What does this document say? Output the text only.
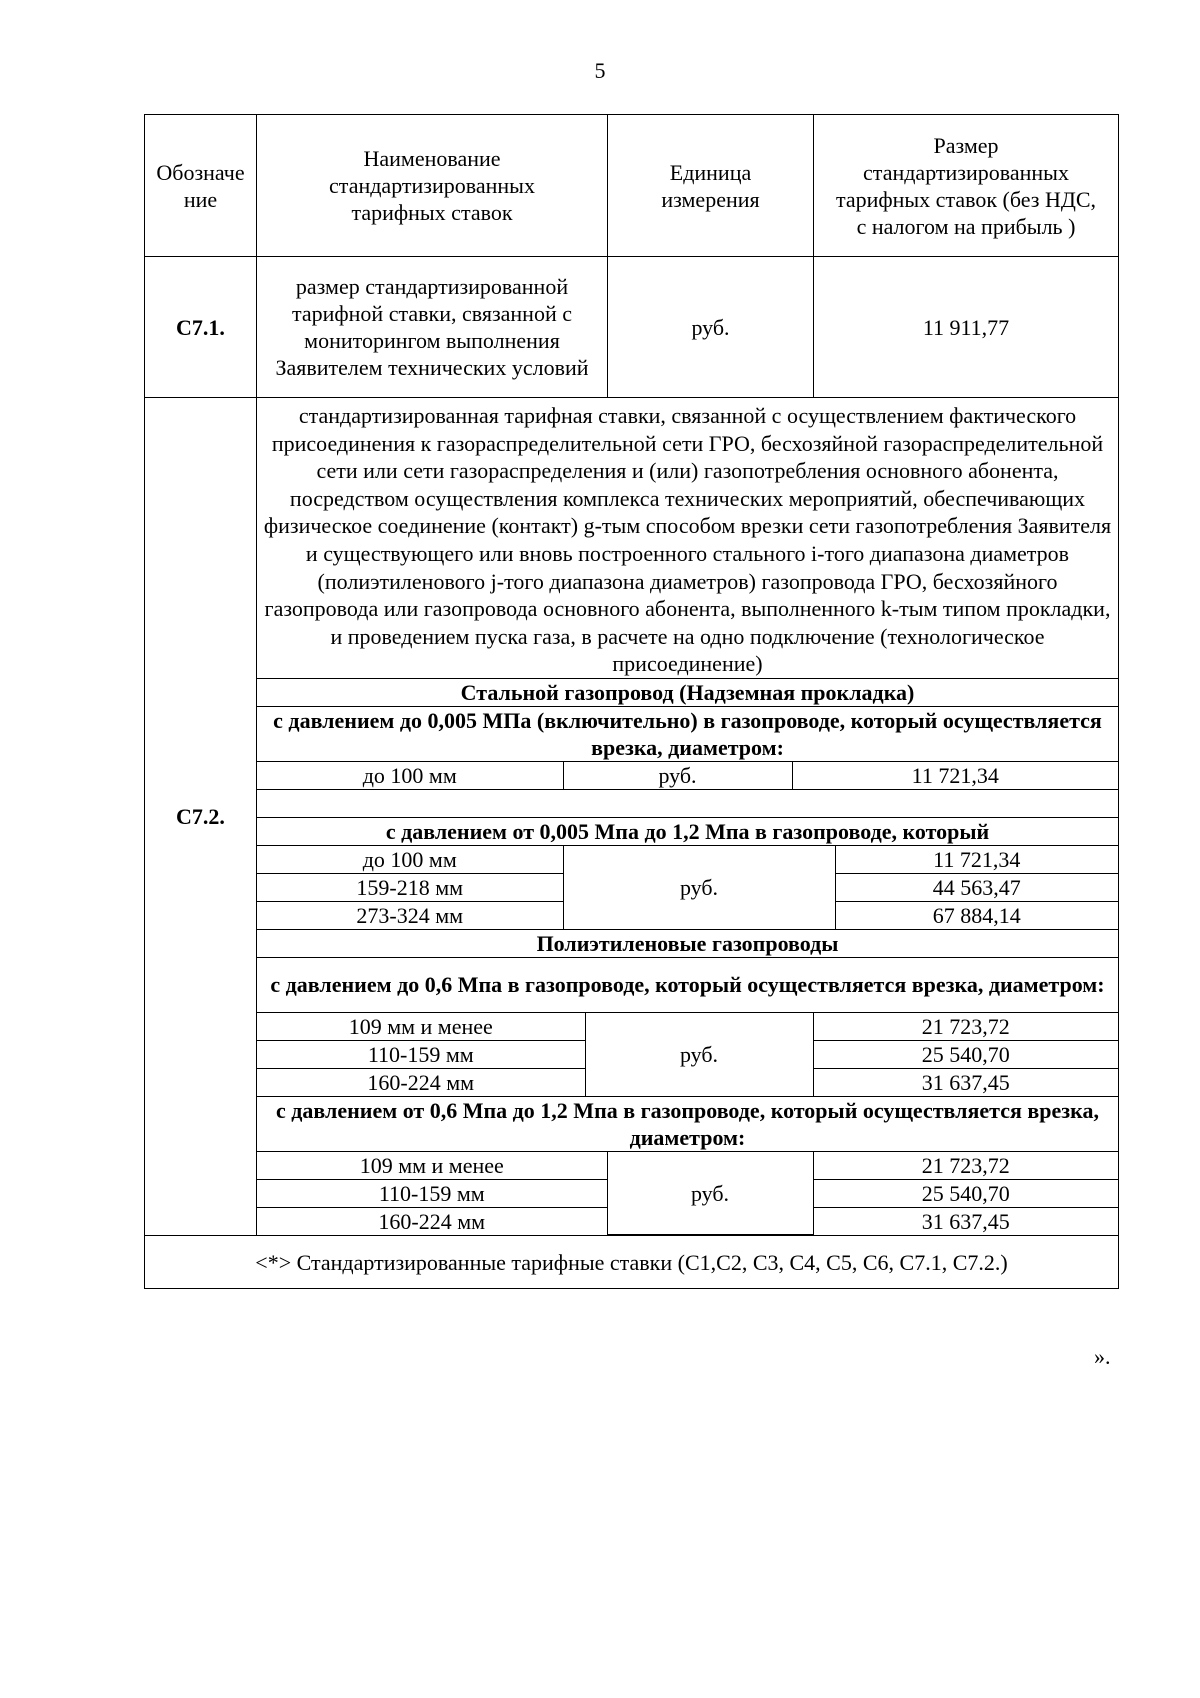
5
Обозначение	Наименование стандартизированных тарифных ставок	Единица измерения	Размер стандартизированных тарифных ставок (без НДС, с налогом на прибыль )
С7.1.	размер стандартизированной тарифной ставки, связанной с мониторингом выполнения Заявителем технических условий	руб.	11 911,77
С7.2.	
стандартизированная тарифная ставки, связанной с осуществлением фактического присоединения к газораспределительной сети ГРО, бесхозяйной газораспределительной сети или сети газораспределения и (или) газопотребления основного абонента, посредством осуществления комплекса технических мероприятий, обеспечивающих физическое соединение (контакт) g-тым способом врезки сети газопотребления Заявителя и существующего или вновь построенного стального i-того диапазона диаметров (полиэтиленового j-того диапазона диаметров) газопровода ГРО, бесхозяйного газопровода или газопровода основного абонента, выполненного k-тым типом прокладки, и проведением пуска газа, в расчете на одно подключение (технологическое присоединение)
Стальной газопровод (Надземная прокладка)
с давлением до 0,005 МПа (включительно) в газопроводе, который осуществляется врезка, диаметром:
до 100 мм	руб.	11 721,34

с давлением от 0,005 Мпа до 1,2 Мпа в газопроводе, который
до 100 мм	руб.	11 721,34
159-218 мм	44 563,47
273-324 мм	67 884,14
Полиэтиленовые газопроводы
с давлением до 0,6 Мпа в газопроводе, который осуществляется врезка, диаметром:
109 мм и менее	руб.	21 723,72
110-159 мм	25 540,70
160-224 мм	31 637,45
с давлением от 0,6 Мпа до 1,2 Мпа в газопроводе, который осуществляется врезка, диаметром:
109 мм и менее	руб.	21 723,72
110-159 мм	25 540,70
160-224 мм	31 637,45

<*> Стандартизированные тарифные ставки (С1,С2, С3, С4, С5, С6, С7.1, С7.2.)
».
